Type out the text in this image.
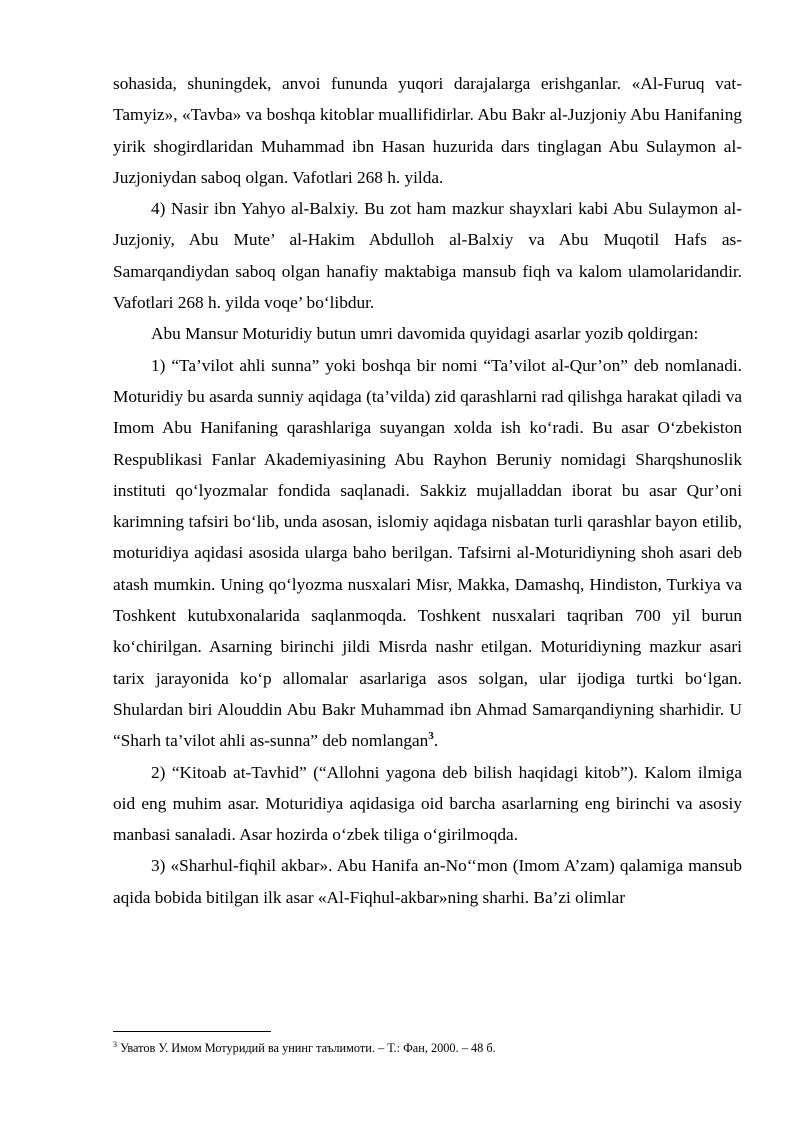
sohasida, shuningdek, anvoi fununda yuqori darajalarga erishganlar. «Al-Furuq vat-Tamyiz», «Tavba» va boshqa kitoblar muallifidirlar. Abu Bakr al-Juzjoniy Abu Hanifaning yirik shogirdlaridan Muhammad ibn Hasan huzurida dars tinglagan Abu Sulaymon al-Juzjoniydan saboq olgan. Vafotlari 268 h. yilda.

4) Nasir ibn Yahyo al-Balxiy. Bu zot ham mazkur shayxlari kabi Abu Sulaymon al-Juzjoniy, Abu Mute’ al-Hakim Abdulloh al-Balxiy va Abu Muqotil Hafs as-Samarqandiydan saboq olgan hanafiy maktabiga mansub fiqh va kalom ulamolaridandir. Vafotlari 268 h. yilda voqe’ bo‘libdur.

Abu Mansur Moturidiy butun umri davomida quyidagi asarlar yozib qoldirgan:

1) “Ta’vilot ahli sunna” yoki boshqa bir nomi “Ta’vilot al-Qur’on” deb nomlanadi. Moturidiy bu asarda sunniy aqidaga (ta’vilda) zid qarashlarni rad qilishga harakat qiladi va Imom Abu Hanifaning qarashlariga suyangan xolda ish ko‘radi. Bu asar O‘zbekiston Respublikasi Fanlar Akademiyasining Abu Rayhon Beruniy nomidagi Sharqshunoslik instituti qo‘lyozmalar fondida saqlanadi. Sakkiz mujalladdan iborat bu asar Qur’oni karimning tafsiri bo‘lib, unda asosan, islomiy aqidaga nisbatan turli qarashlar bayon etilib, moturidiya aqidasi asosida ularga baho berilgan. Tafsirni al-Moturidiyning shoh asari deb atash mumkin. Uning qo‘lyozma nusxalari Misr, Makka, Damashq, Hindiston, Turkiya va Toshkent kutubxonalarida saqlanmoqda. Toshkent nusxalari taqriban 700 yil burun ko‘chirilgan. Asarning birinchi jildi Misrda nashr etilgan. Moturidiyning mazkur asari tarix jarayonida ko‘p allomalar asarlariga asos solgan, ular ijodiga turtki bo‘lgan. Shulardan biri Alouddin Abu Bakr Muhammad ibn Ahmad Samarqandiyning sharhidir. U “Sharh ta’vilot ahli as-sunna” deb nomlangan$^3$.

2) “Kitoab at-Tavhid” (“Allohni yagona deb bilish haqidagi kitob”). Kalom ilmiga oid eng muhim asar. Moturidiya aqidasiga oid barcha asarlarning eng birinchi va asosiy manbasi sanaladi. Asar hozirda o‘zbek tiliga o‘girilmoqda.

3) «Sharhul-fiqhil akbar». Abu Hanifa an-No‘‘mon (Imom A’zam) qalamiga mansub aqida bobida bitilgan ilk asar «Al-Fiqhul-akbar»ning sharhi. Ba’zi olimlar

$^3$ Уватов У. Имом Мотуридий ва унинг таълимоти. – Т.: Фан, 2000. – 48 б.
